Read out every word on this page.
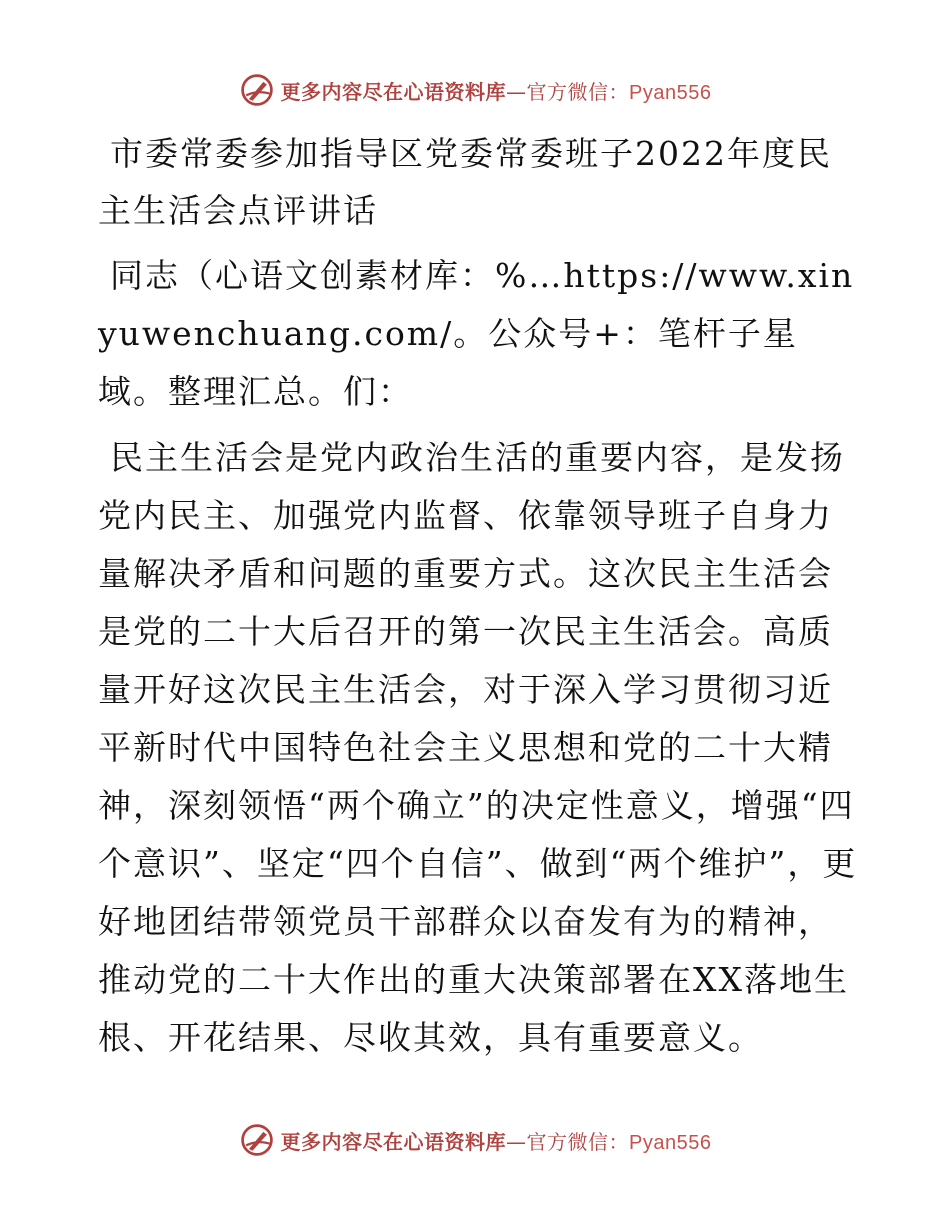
更多内容尽在心语资料库 — 官方微信： Pyan556
市委常委参加指导区党委常委班子2022年度民主生活会点评讲话

同志（心语文创素材库：%…https://www.xinyuwenchuang.com/。公众号+：笔杆子星域。整理汇总。们：

民主生活会是党内政治生活的重要内容，是发扬党内民主、加强党内监督、依靠领导班子自身力量解决矛盾和问题的重要方式。这次民主生活会是党的二十大后召开的第一次民主生活会。高质量开好这次民主生活会，对于深入学习贯彻习近平新时代中国特色社会主义思想和党的二十大精神，深刻领悟“两个确立”的决定性意义，增强“四个意识”、坚定“四个自信”、做到“两个维护”，更好地团结带领党员干部群众以奋发有为的精神，推动党的二十大作出的重大决策部署在XX落地生根、开花结果、尽收其效，具有重要意义。

更多内容尽在心语资料库 — 官方微信： Pyan556
